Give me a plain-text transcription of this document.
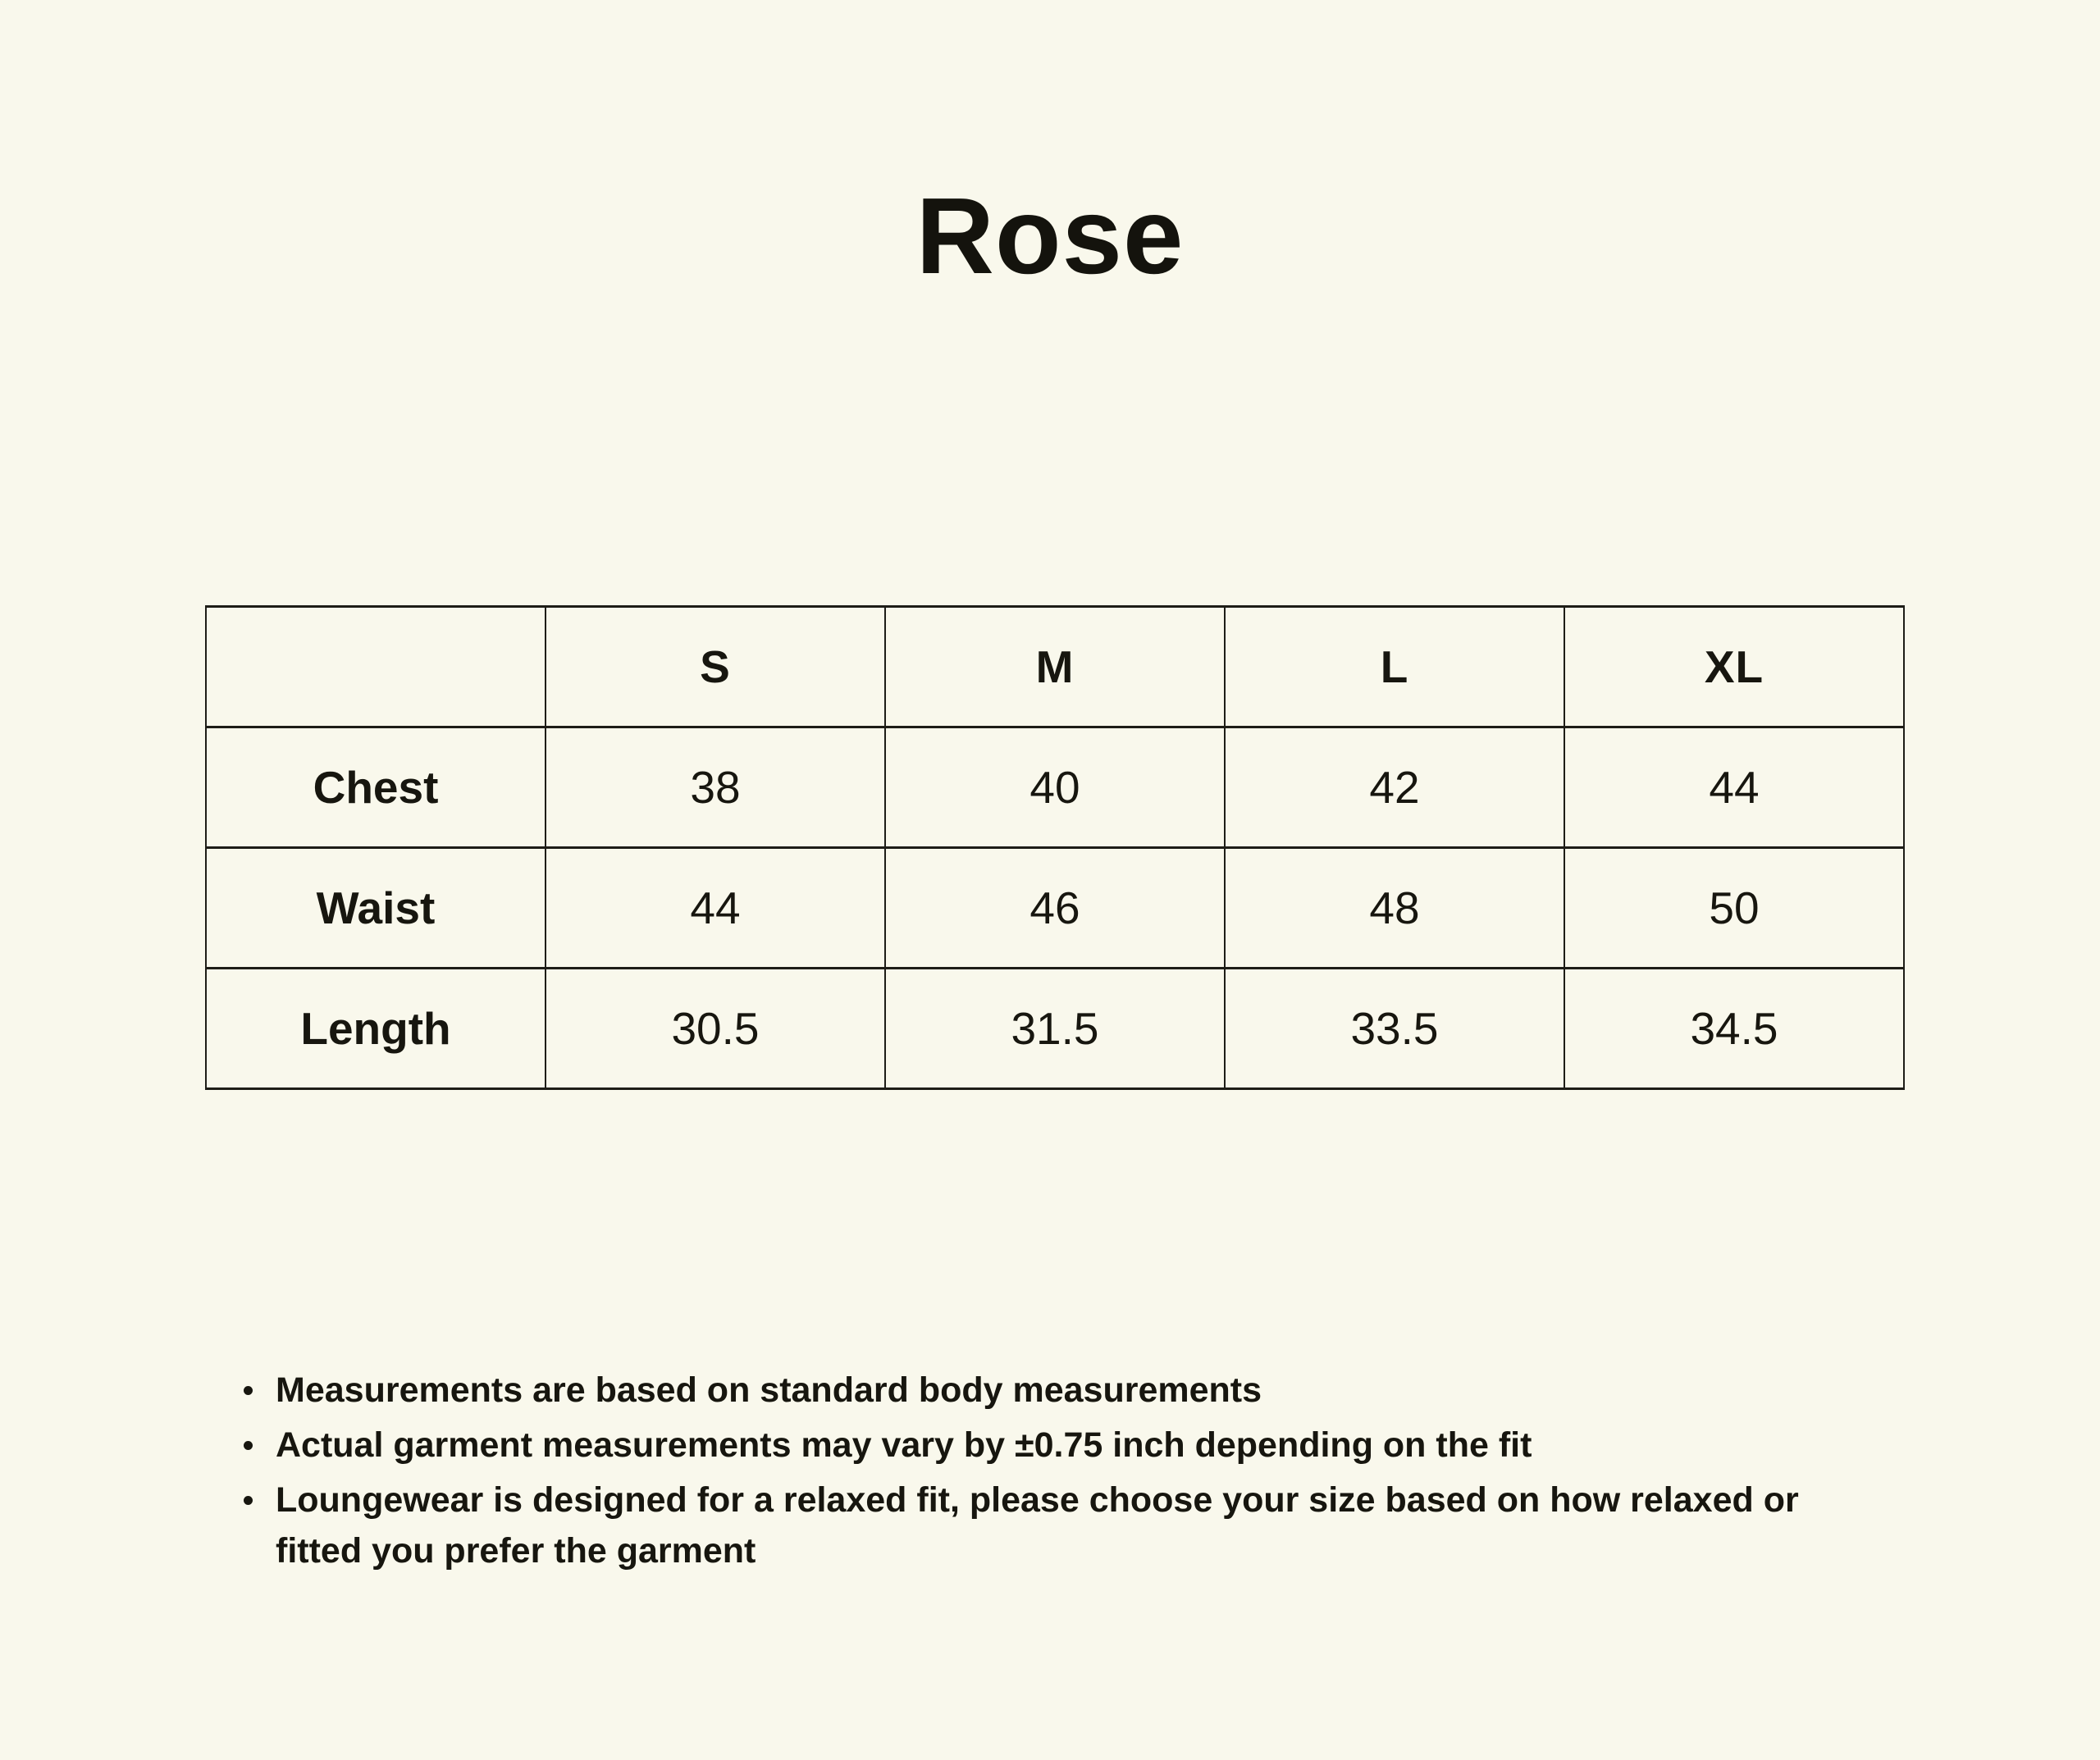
Rose
	S	M	L	XL
Chest	38	40	42	44
Waist	44	46	48	50
Length	30.5	31.5	33.5	34.5
Measurements are based on standard body measurements
Actual garment measurements may vary by ±0.75 inch depending on the fit
Loungewear is designed for a relaxed fit, please choose your size based on how relaxed or fitted you prefer the garment
